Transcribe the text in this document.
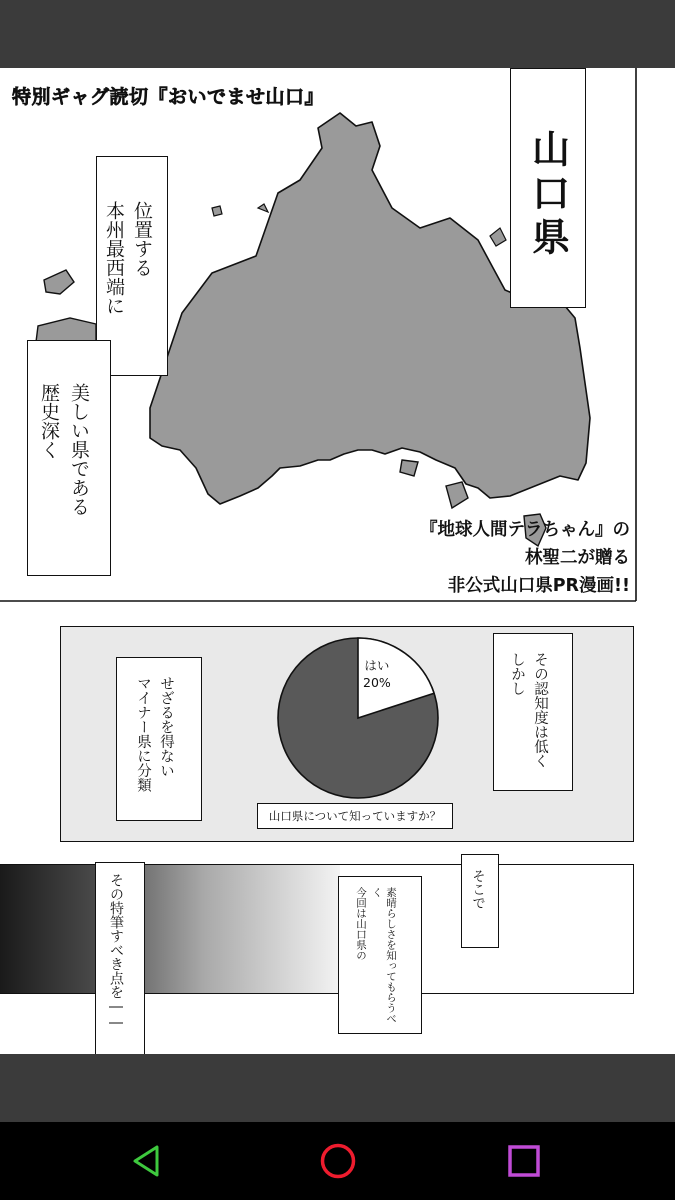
特別ギャグ読切『おいでませ山口』
山口県
本州最西端に 位置する
歴史深く 美しい県である
『地球人間テラちゃん』の
林聖二が贈る
非公式山口県PR漫画!!
マイナー県に分類 せざるを得ない
はい
20%	しかし その認知度は低く
山口県について知っていますか？
その特筆すべき点を――	今回は山口県の	素晴らしさを知ってもらうべく	そこで
